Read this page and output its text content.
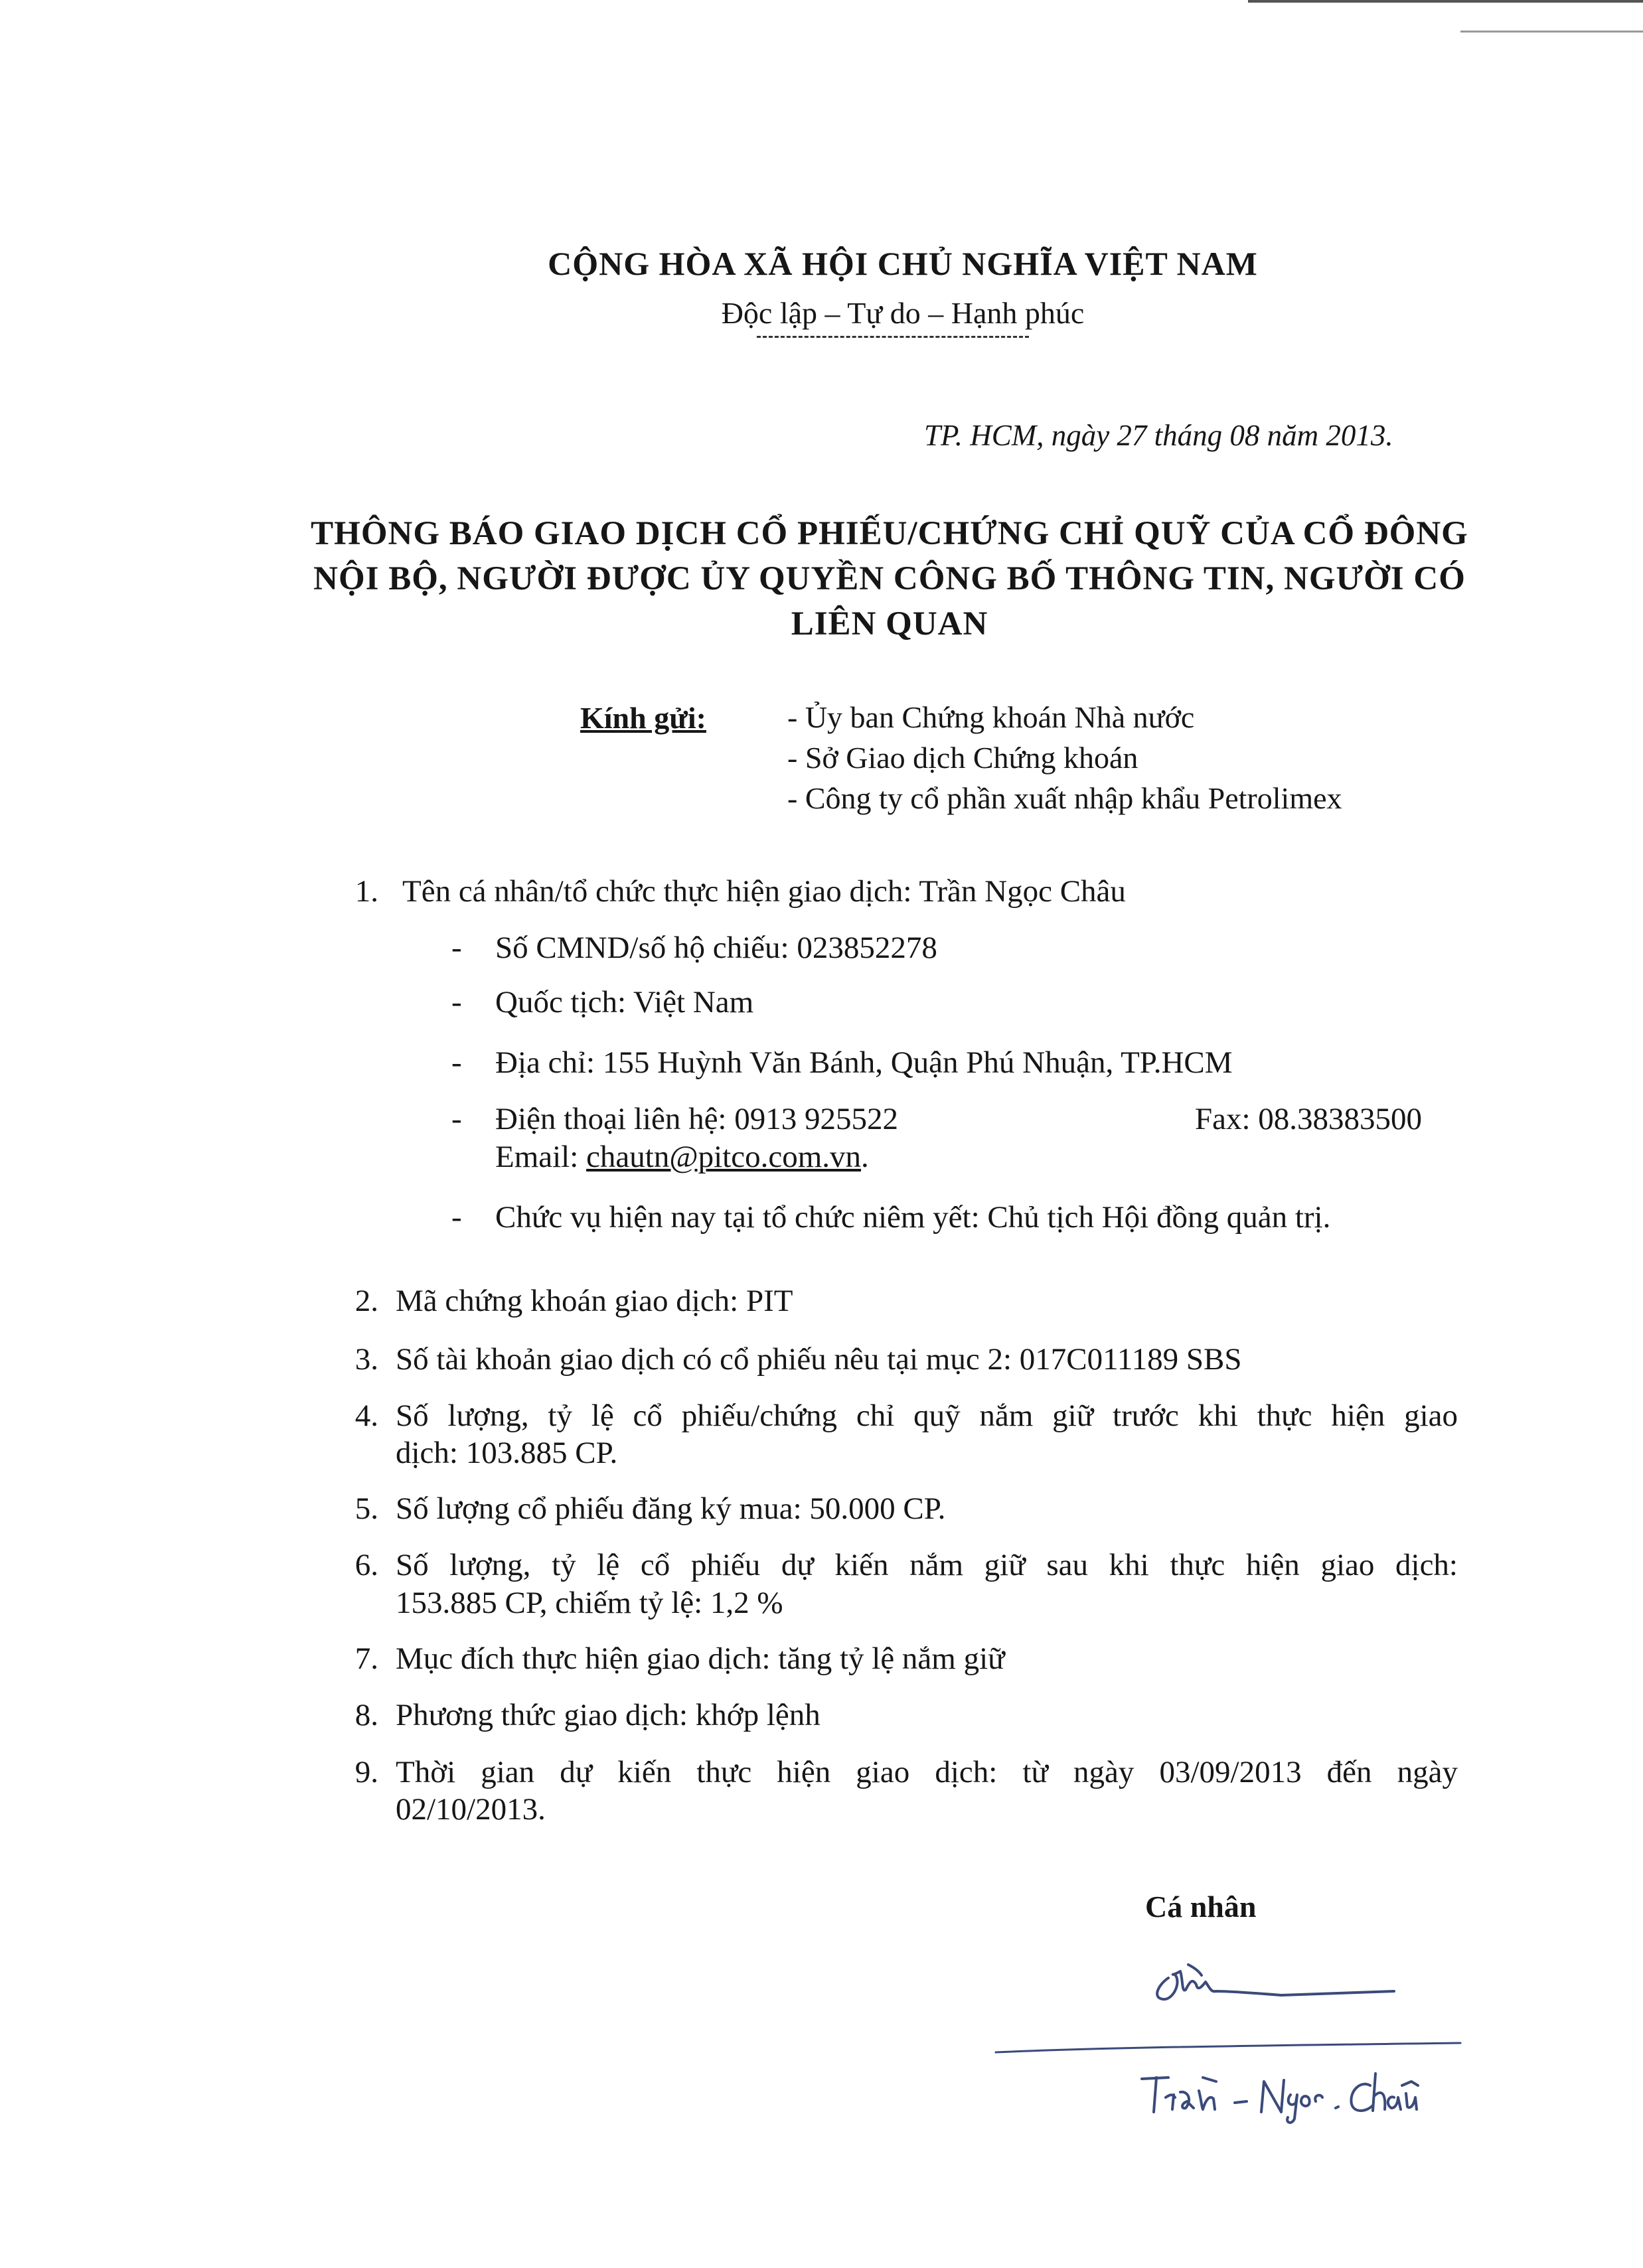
CỘNG HÒA XÃ HỘI CHỦ NGHĨA VIỆT NAM
Độc lập – Tự do – Hạnh phúc
TP. HCM, ngày 27 tháng 08 năm 2013.
THÔNG BÁO GIAO DỊCH CỔ PHIẾU/CHỨNG CHỈ QUỸ CỦA CỔ ĐÔNG
NỘI BỘ, NGƯỜI ĐƯỢC ỦY QUYỀN CÔNG BỐ THÔNG TIN, NGƯỜI CÓ
LIÊN QUAN
Kính gửi:
-	Ủy ban Chứng khoán Nhà nước
- Sở Giao dịch Chứng khoán
- Công ty cổ phần xuất nhập khẩu Petrolimex
1. Tên cá nhân/tổ chức thực hiện giao dịch: Trần Ngọc Châu
- Số CMND/số hộ chiếu: 023852278
- Quốc tịch: Việt Nam
- Địa chỉ: 155 Huỳnh Văn Bánh, Quận Phú Nhuận, TP.HCM
- Điện thoại liên hệ: 0913 925522	Fax: 08.38383500
Email: chautn@pitco.com.vn.
- Chức vụ hiện nay tại tổ chức niêm yết: Chủ tịch Hội đồng quản trị.
2. Mã chứng khoán giao dịch: PIT
3. Số tài khoản giao dịch có cổ phiếu nêu tại mục 2: 017C011189 SBS
4. Số lượng, tỷ lệ cổ phiếu/chứng chỉ quỹ nắm giữ trước khi thực hiện giao
dịch: 103.885 CP.
5. Số lượng cổ phiếu đăng ký mua: 50.000 CP.
6. Số lượng, tỷ lệ cổ phiếu dự kiến nắm giữ sau khi thực hiện giao dịch:
153.885 CP, chiếm tỷ lệ: 1,2 %
7. Mục đích thực hiện giao dịch: tăng tỷ lệ nắm giữ
8. Phương thức giao dịch: khớp lệnh
9. Thời gian dự kiến thực hiện giao dịch: từ ngày 03/09/2013 đến ngày
02/10/2013.
Cá nhân
